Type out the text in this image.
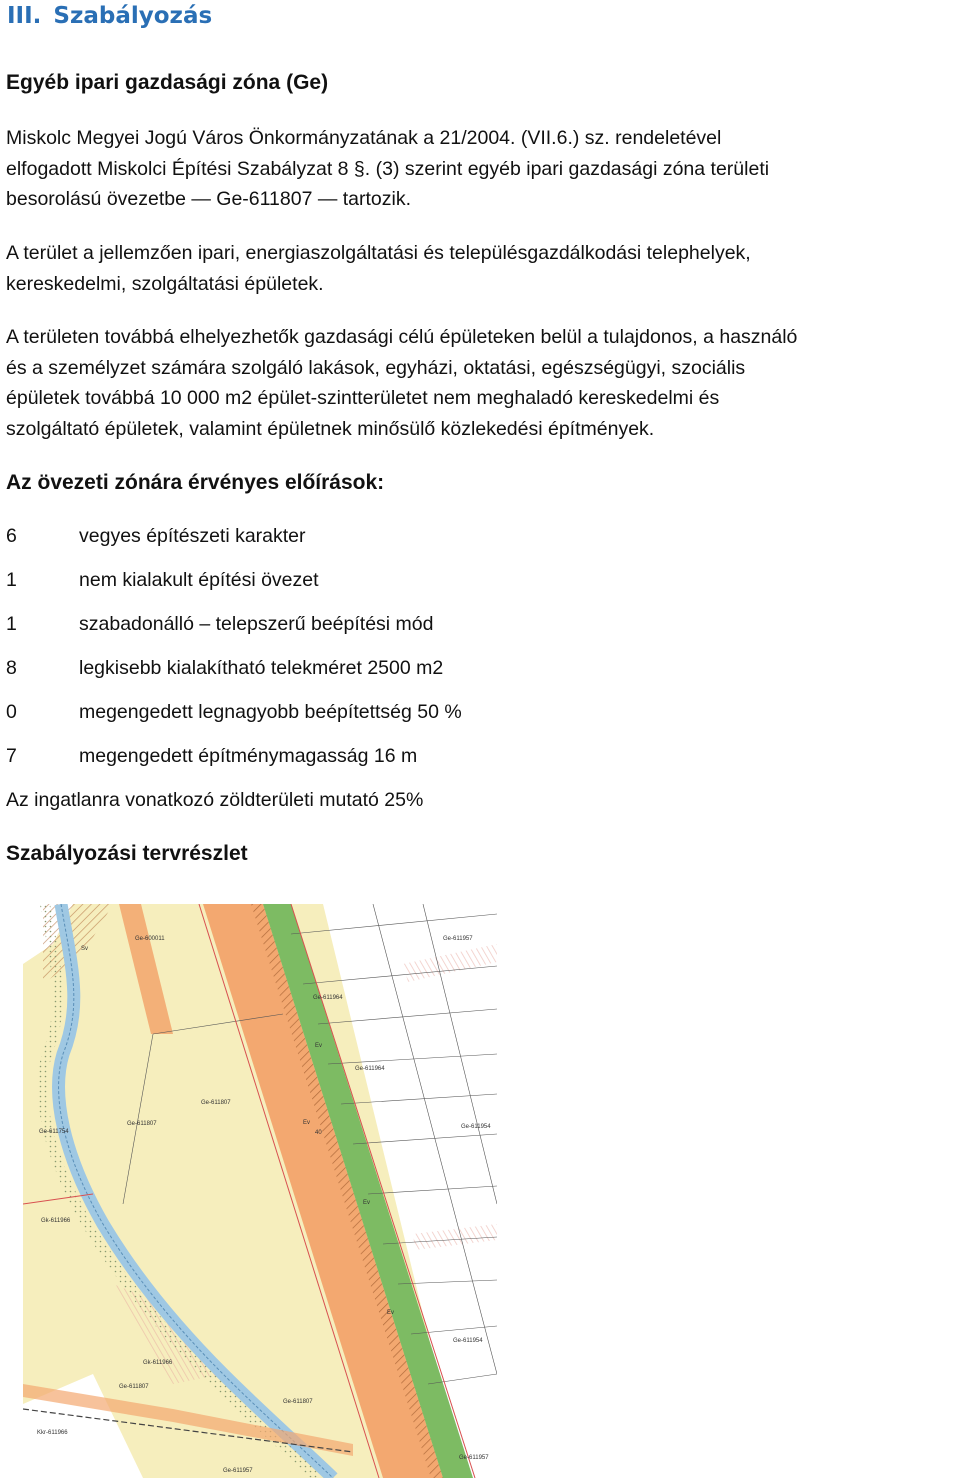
III. Szabályozás
Egyéb ipari gazdasági zóna (Ge)
Miskolc Megyei Jogú Város Önkormányzatának a 21/2004. (VII.6.) sz. rendeletével
elfogadott Miskolci Építési Szabályzat 8 §. (3) szerint egyéb ipari gazdasági zóna területi
besorolású övezetbe — Ge-611807 — tartozik.
A terület a jellemzően ipari, energiaszolgáltatási és településgazdálkodási telephelyek,
kereskedelmi, szolgáltatási épületek.
A területen továbbá elhelyezhetők gazdasági célú épületeken belül a tulajdonos, a használó
és a személyzet számára szolgáló lakások, egyházi, oktatási, egészségügyi, szociális
épületek továbbá 10 000 m2 épület-szintterületet nem meghaladó kereskedelmi és
szolgáltató épületek, valamint épületnek minősülő közlekedési építmények.
Az övezeti zónára érvényes előírások:
6	vegyes építészeti karakter
1	nem kialakult építési övezet
1	szabadonálló – telepszerű beépítési mód
8	legkisebb kialakítható telekméret 2500 m2
0	megengedett legnagyobb beépítettség 50 %
7	megengedett építménymagasság 16 m
Az ingatlanra vonatkozó zöldterületi mutató 25%
Szabályozási tervrészlet
Ge-600011	Ge-611957
Ge-611964
Ge-611964
Ge-611807
Ge-611807	Ge-611954
Ge-611754
Gk-611966
Gk-611966
Ge-611954
Ge-611807
Kkr-611966
Ge-611807
Ge-611957
Ge-611957
Sv
Ev
Ev
Ev
Ev
40
